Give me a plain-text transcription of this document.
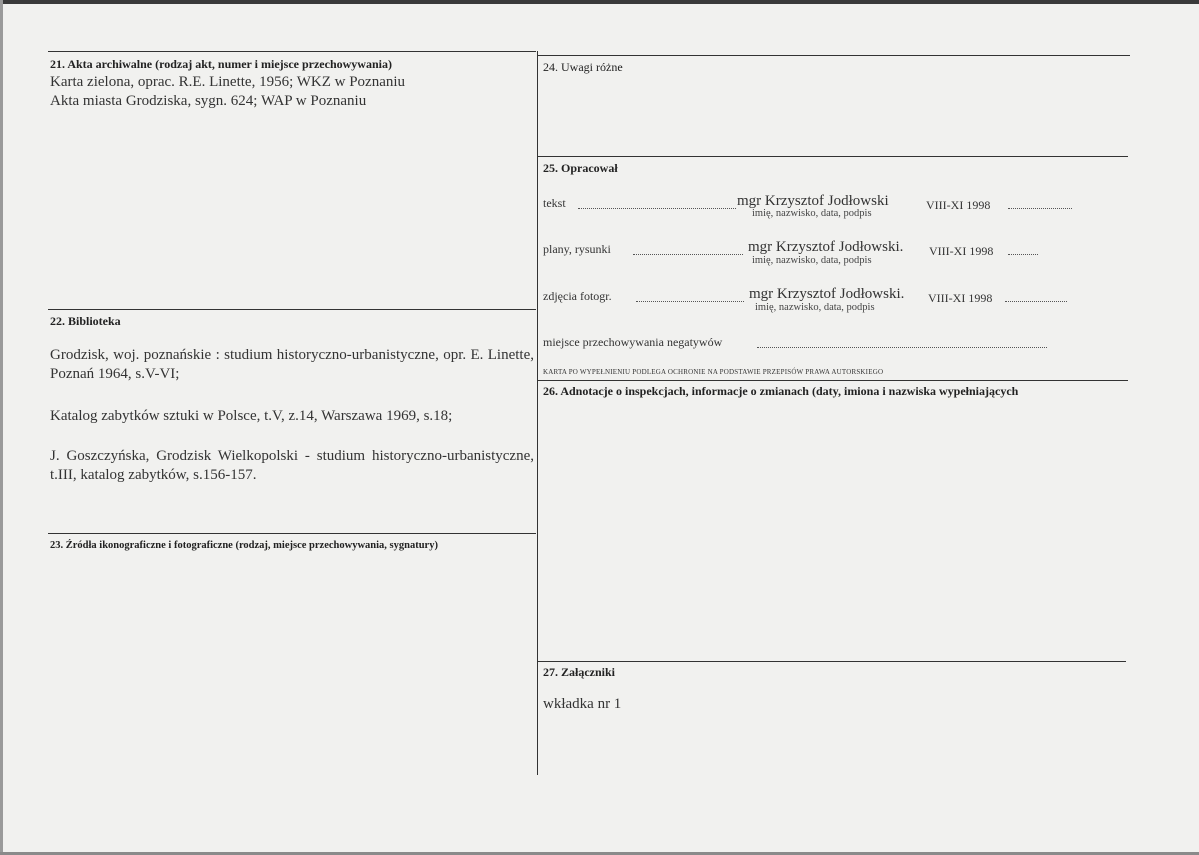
21. Akta archiwalne (rodzaj akt, numer i miejsce przechowywania)
Karta zielona, oprac. R.E. Linette, 1956; WKZ w Poznaniu
Akta miasta Grodziska, sygn. 624; WAP w Poznaniu
22. Biblioteka
Grodzisk, woj. poznańskie : studium historyczno-urbanistyczne, opr. E. Linette, Poznań 1964, s.V-VI;
Katalog zabytków sztuki w Polsce, t.V, z.14, Warszawa 1969, s.18;
J. Goszczyńska, Grodzisk Wielkopolski - studium historyczno-urbanistyczne, t.III, katalog zabytków, s.156-157.
23. Źródła ikonograficzne i fotograficzne (rodzaj, miejsce przechowywania, sygnatury)
24. Uwagi różne
25. Opracował
tekst	mgr Krzysztof Jodłowski	VIII-XI 1998
imię, nazwisko, data, podpis
plany, rysunki	mgr Krzysztof Jodłowski. VIII-XI 1998
imię, nazwisko, data, podpis
zdjęcia fotogr.	mgr Krzysztof Jodłowski. VIII-XI 1998
imię, nazwisko, data, podpis
miejsce przechowywania negatywów
KARTA PO WYPEŁNIENIU PODLEGA OCHRONIE NA PODSTAWIE PRZEPISÓW PRAWA AUTORSKIEGO
26. Adnotacje o inspekcjach, informacje o zmianach (daty, imiona i nazwiska wypełniających
27. Załączniki
wkładka nr 1
